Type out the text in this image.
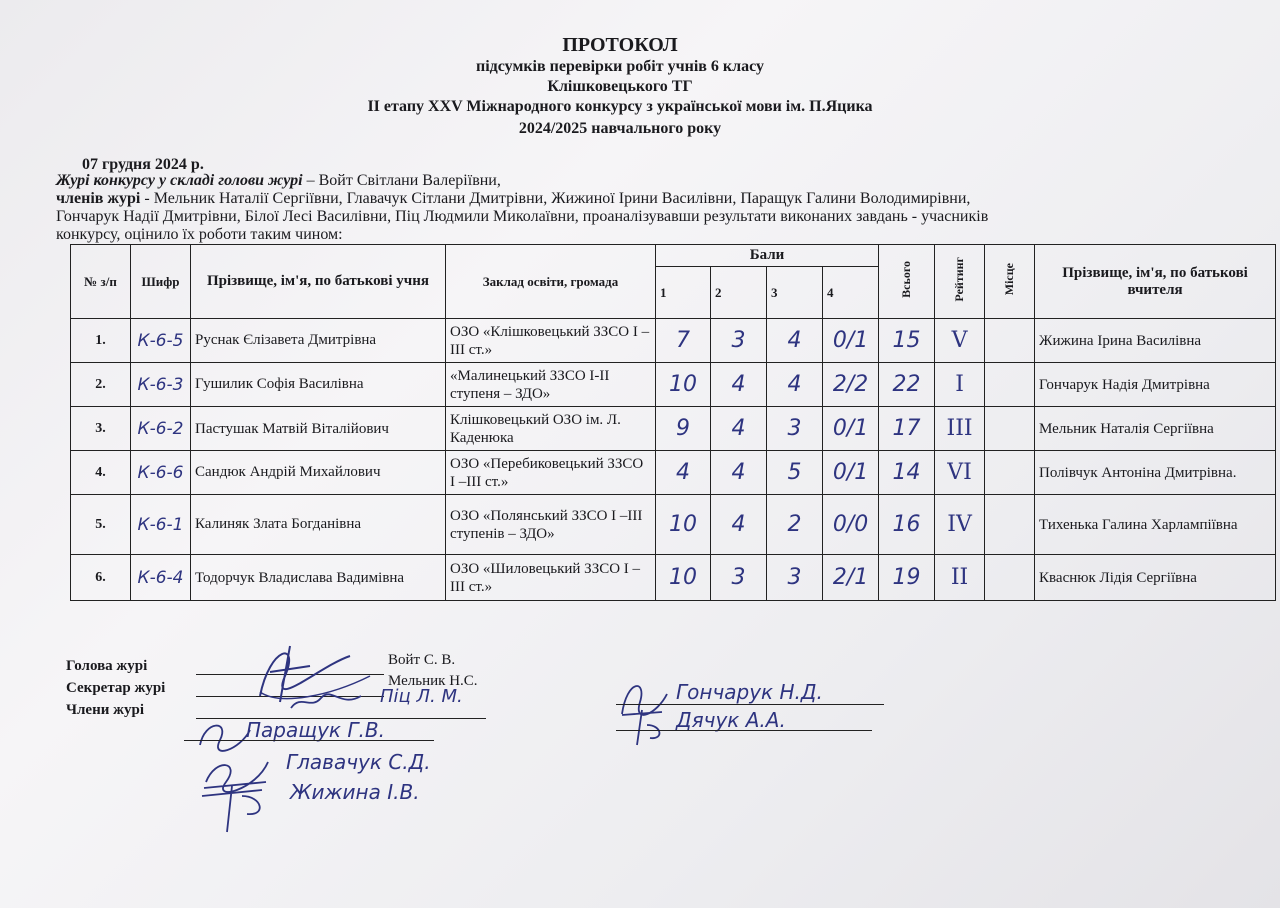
ПРОТОКОЛ
підсумків перевірки робіт учнів 6 класу
Клішковецького ТГ
ІІ етапу XXV Міжнародного конкурсу з української мови ім. П.Яцика
2024/2025 навчального року
07 грудня 2024 р.
Журі конкурсу у складі голови журі – Войт Світлани Валеріївни,
членів журі - Мельник Наталії Сергіївни, Главачук Сітлани Дмитрівни, Жижиної Ірини Василівни, Паращук Галини Володимирівни,
Гончарук Надії Дмитрівни, Білої Лесі Василівни, Піц Людмили Миколаївни, проаналізувавши результати виконаних завдань - учасників
конкурсу, оцінило їх роботи таким чином:
№ з/п	Шифр	Прізвище, ім'я, по батькові учня	Заклад освіти, громада	Бали				Всього	Рейтинг	Місце	Прізвище, ім'я, по батькові вчителя
				1	2	3	4				
1.	К-6-5	Руснак Єлізавета Дмитрівна	ОЗО «Клішковецький ЗЗСО І –ІІІ ст.»	7	3	4	0/1	15	V		Жижина Ірина Василівна
2.	К-6-3	Гушилик Софія Василівна	«Малинецький ЗЗСО І-ІІ ступеня – ЗДО»	10	4	4	2/2	22	I		Гончарук Надія Дмитрівна
3.	К-6-2	Пастушак Матвій Віталійович	Клішковецький ОЗО ім. Л. Каденюка	9	4	3	0/1	17	III		Мельник Наталія Сергіївна
4.	К-6-6	Сандюк Андрій Михайлович	ОЗО «Перебиковецький ЗЗСО І –ІІІ ст.»	4	4	5	0/1	14	VI		Полівчук Антоніна Дмитрівна.
5.	К-6-1	Калиняк Злата Богданівна	ОЗО «Полянський ЗЗСО І –ІІІ ступенів – ЗДО»	10	4	2	0/0	16	IV		Тихенька Галина Харлампіївна
6.	К-6-4	Тодорчук Владислава Вадимівна	ОЗО «Шиловецький ЗЗСО І –ІІІ ст.»	10	3	3	2/1	19	II		Кваснюк Лідія Сергіївна
Голова журі	Войт С. В.
Секретар журі	Мельник Н.С.
Члени журі
Піц Л. М.	Гончарук Н.Д.
Паращук Г.В.	Дячук А.А.
Главачук С.Д.
Жижина І.В.
